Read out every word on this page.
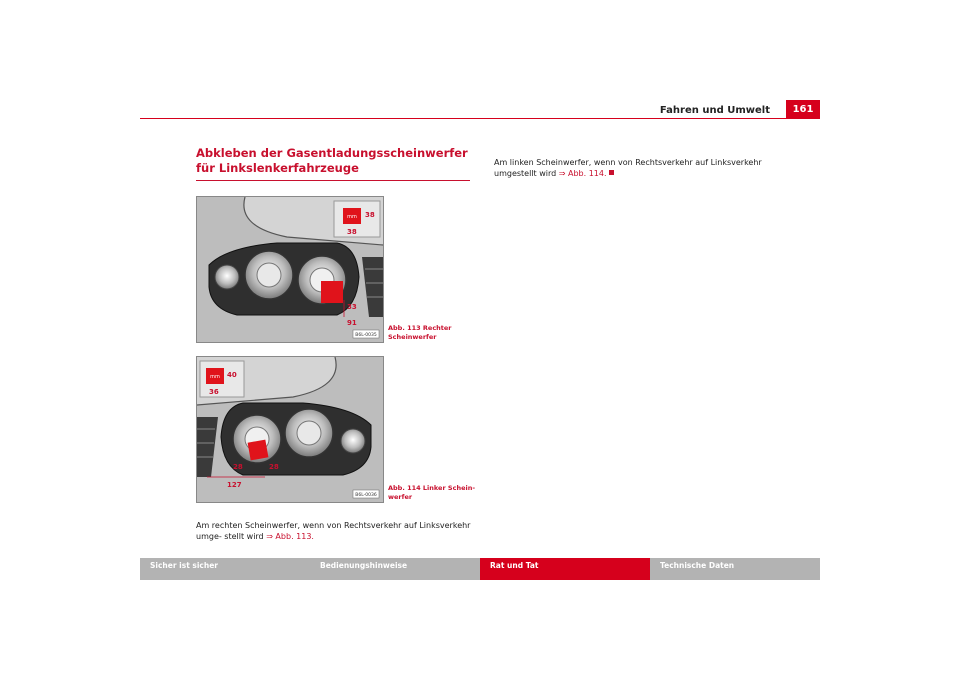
Fahren und Umwelt	161
Abkleben der Gasentladungsscheinwerfer für Linkslenkerfahrzeuge
mm 38
38
33
91
B6L-0035
Abb. 113 Rechter Scheinwerfer
mm 40
36
28	28
127
B6L-0036
Abb. 114 Linker Schein- werfer
Am rechten Scheinwerfer, wenn von Rechtsverkehr auf Linksverkehr umge- stellt wird ⇒ Abb. 113.
Am linken Scheinwerfer, wenn von Rechtsverkehr auf Linksverkehr umgestellt wird ⇒ Abb. 114.
Sicher ist sicher	Bedienungshinweise	Rat und Tat	Technische Daten
